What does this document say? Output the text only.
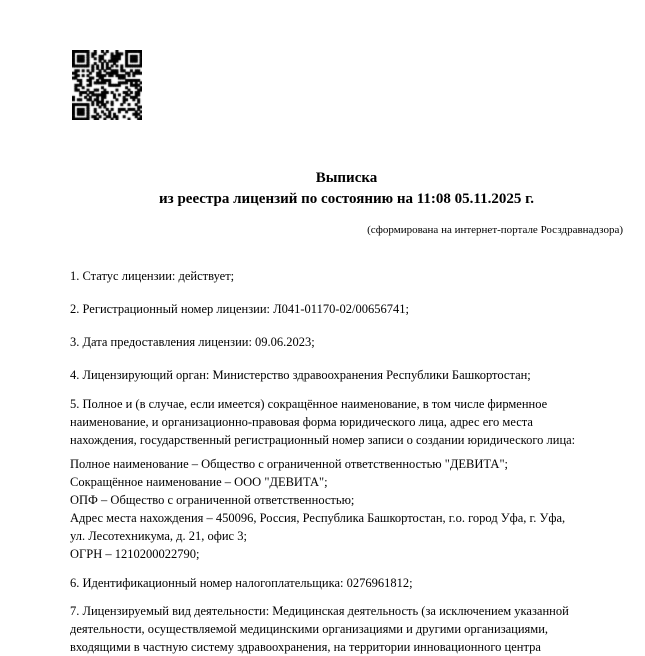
Выписка
из реестра лицензий по состоянию на 11:08 05.11.2025 г.
(сформирована на интернет-портале Росздравнадзора)
1. Статус лицензии: действует;
2. Регистрационный номер лицензии: Л041-01170-02/00656741;
3. Дата предоставления лицензии: 09.06.2023;
4. Лицензирующий орган: Министерство здравоохранения Республики Башкортостан;
5. Полное и (в случае, если имеется) сокращённое наименование, в том числе фирменное
наименование, и организационно-правовая форма юридического лица, адрес его места
нахождения, государственный регистрационный номер записи о создании юридического лица:
Полное наименование – Общество с ограниченной ответственностью "ДЕВИТА";
Сокращённое наименование – ООО "ДЕВИТА";
ОПФ – Общество с ограниченной ответственностью;
Адрес места нахождения – 450096, Россия, Республика Башкортостан, г.о. город Уфа, г. Уфа,
ул. Лесотехникума, д. 21, офис 3;
ОГРН – 1210200022790;
6. Идентификационный номер налогоплательщика: 0276961812;
7. Лицензируемый вид деятельности: Медицинская деятельность (за исключением указанной
деятельности, осуществляемой медицинскими организациями и другими организациями,
входящими в частную систему здравоохранения, на территории инновационного центра
